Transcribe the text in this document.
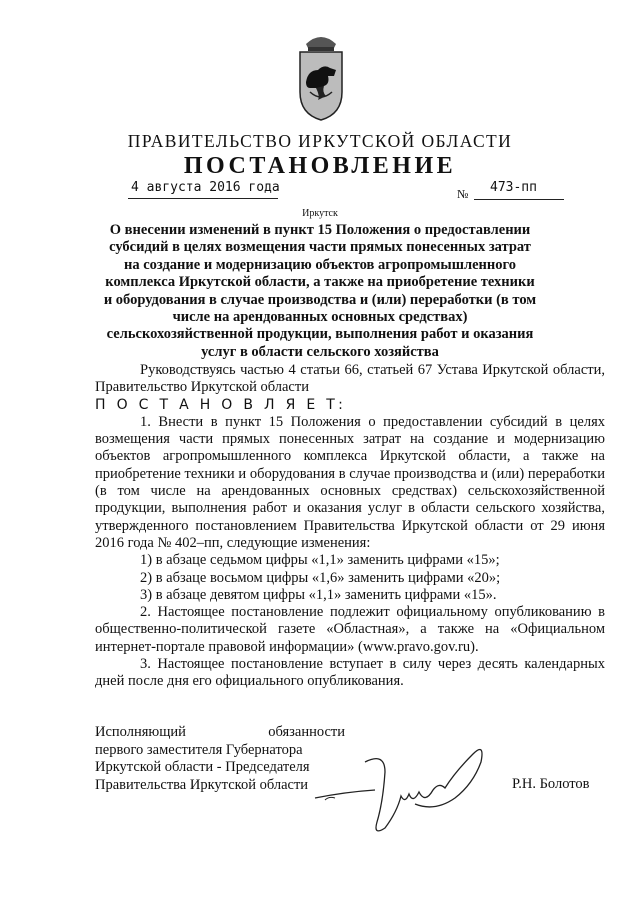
ПРАВИТЕЛЬСТВО ИРКУТСКОЙ ОБЛАСТИ
ПОСТАНОВЛЕНИЕ
4 августа 2016 года	№ 473-пп
Иркутск
О внесении изменений в пункт 15 Положения о предоставлении субсидий в целях возмещения части прямых понесенных затрат на создание и модернизацию объектов агропромышленного комплекса Иркутской области, а также на приобретение техники и оборудования в случае производства и (или) переработки (в том числе на арендованных основных средствах) сельскохозяйственной продукции, выполнения работ и оказания услуг в области сельского хозяйства

Руководствуясь частью 4 статьи 66, статьей 67 Устава Иркутской области, Правительство Иркутской области

П О С Т А Н О В Л Я Е Т:

1. Внести в пункт 15 Положения о предоставлении субсидий в целях возмещения части прямых понесенных затрат на создание и модернизацию объектов агропромышленного комплекса Иркутской области, а также на приобретение техники и оборудования в случае производства и (или) переработки (в том числе на арендованных основных средствах) сельскохозяйственной продукции, выполнения работ и оказания услуг в области сельского хозяйства, утвержденного постановлением Правительства Иркутской области от 29 июня 2016 года № 402–пп, следующие изменения:

1) в абзаце седьмом цифры «1,1» заменить цифрами «15»;

2) в абзаце восьмом цифры «1,6» заменить цифрами «20»;

3) в абзаце девятом цифры «1,1» заменить цифрами «15».

2. Настоящее постановление подлежит официальному опубликованию в общественно-политической газете «Областная», а также на «Официальном интернет-портале правовой информации» (www.pravo.gov.ru).

3. Настоящее постановление вступает в силу через десять календарных дней после дня его официального опубликования.

Исполняющий	обязанности
первого заместителя Губернатора
Иркутской области - Председателя
Правительства Иркутской области	Р.Н. Болотов
